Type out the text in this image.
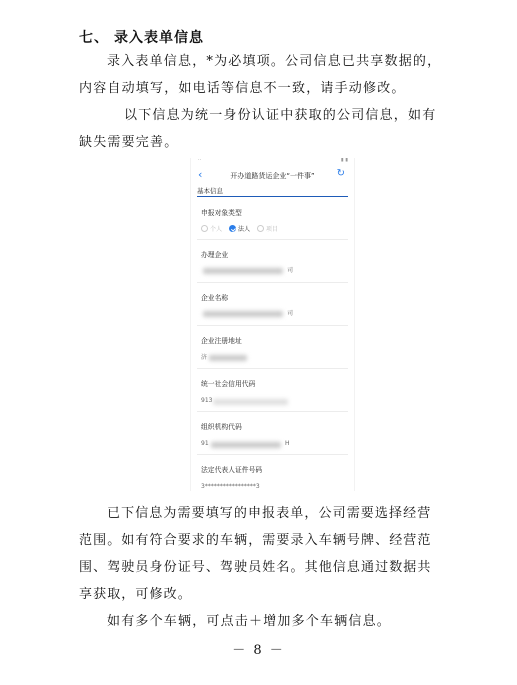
七、 录入表单信息
录入表单信息，*为必填项。公司信息已共享数据的，内容自动填写，如电话等信息不一致，请手动修改。
以下信息为统一身份认证中获取的公司信息，如有缺失需要完善。
··	▮ ▮
‹	开办道路货运企业“一件事”	↻
基本信息
申报对象类型
个人
	法人
	项目
办理企业
司
企业名称
司
企业注册地址
济
统一社会信用代码
913
组织机构代码
91	H
法定代表人证件号码
3*****************3
已下信息为需要填写的申报表单，公司需要选择经营范围。如有符合要求的车辆，需要录入车辆号牌、经营范围、驾驶员身份证号、驾驶员姓名。其他信息通过数据共享获取，可修改。
如有多个车辆，可点击＋增加多个车辆信息。
－ 8 －
